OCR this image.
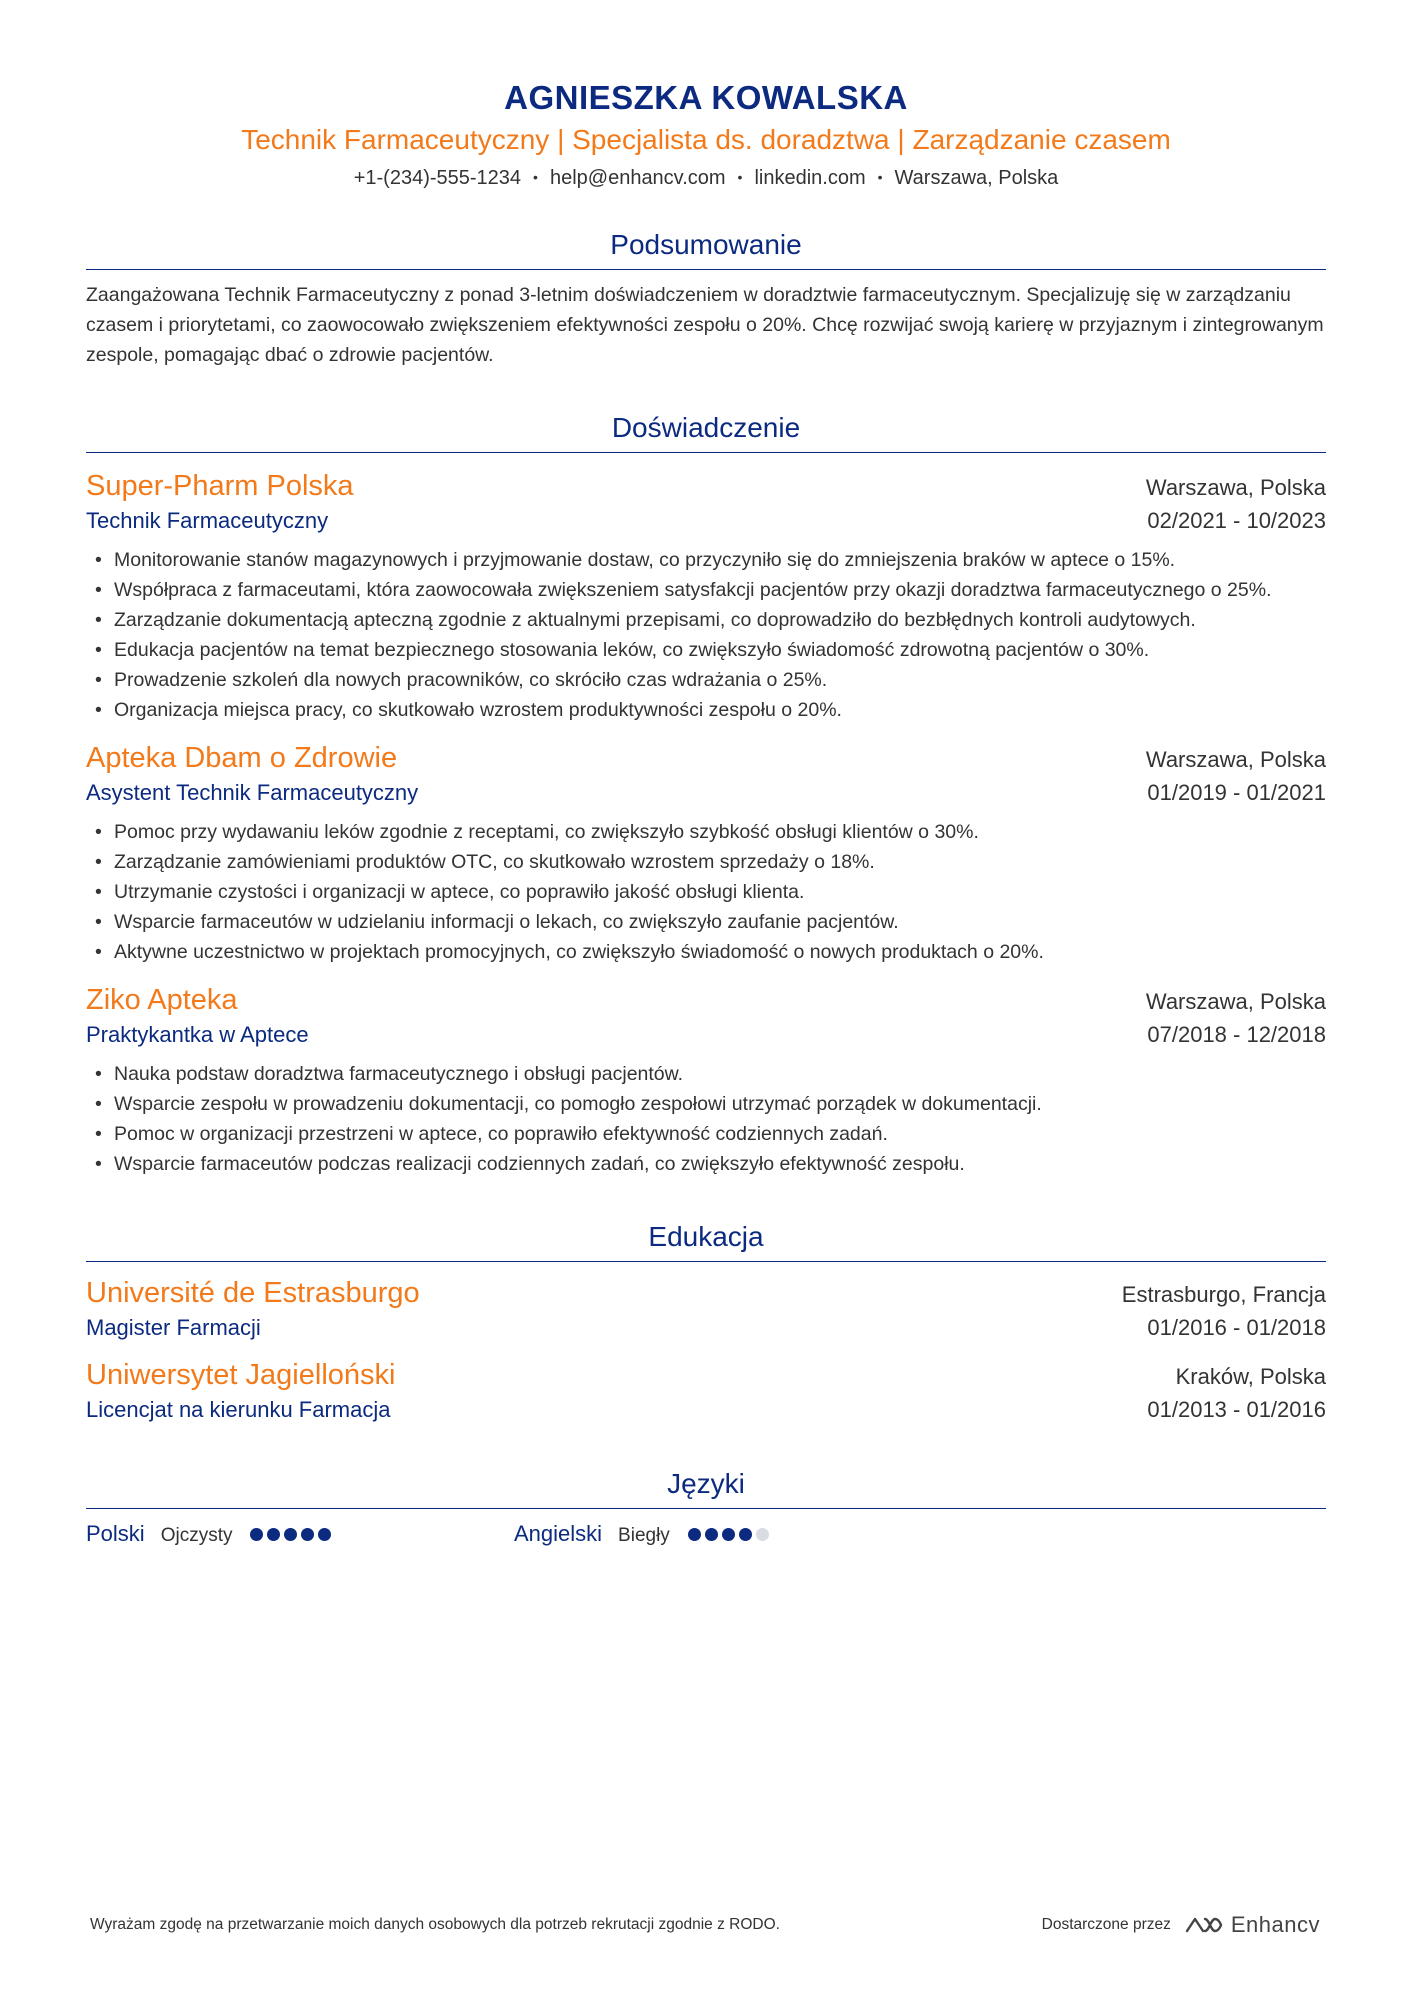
AGNIESZKA KOWALSKA
Technik Farmaceutyczny | Specjalista ds. doradztwa | Zarządzanie czasem
+1-(234)-555-1234 • help@enhancv.com • linkedin.com • Warszawa, Polska
Podsumowanie

Zaangażowana Technik Farmaceutyczny z ponad 3-letnim doświadczeniem w doradztwie farmaceutycznym. Specjalizuję się w zarządzaniu czasem i priorytetami, co zaowocowało zwiększeniem efektywności zespołu o 20%. Chcę rozwijać swoją karierę w przyjaznym i zintegrowanym zespole, pomagając dbać o zdrowie pacjentów.

Doświadczenie
Super-Pharm Polska	Warszawa, Polska
Technik Farmaceutyczny	02/2021 - 10/2023
• Monitorowanie stanów magazynowych i przyjmowanie dostaw, co przyczyniło się do zmniejszenia braków w aptece o 15%.
• Współpraca z farmaceutami, która zaowocowała zwiększeniem satysfakcji pacjentów przy okazji doradztwa farmaceutycznego o 25%.
• Zarządzanie dokumentacją apteczną zgodnie z aktualnymi przepisami, co doprowadziło do bezbłędnych kontroli audytowych.
• Edukacja pacjentów na temat bezpiecznego stosowania leków, co zwiększyło świadomość zdrowotną pacjentów o 30%.
• Prowadzenie szkoleń dla nowych pracowników, co skróciło czas wdrażania o 25%.
• Organizacja miejsca pracy, co skutkowało wzrostem produktywności zespołu o 20%.
Apteka Dbam o Zdrowie	Warszawa, Polska
Asystent Technik Farmaceutyczny	01/2019 - 01/2021
• Pomoc przy wydawaniu leków zgodnie z receptami, co zwiększyło szybkość obsługi klientów o 30%.
• Zarządzanie zamówieniami produktów OTC, co skutkowało wzrostem sprzedaży o 18%.
• Utrzymanie czystości i organizacji w aptece, co poprawiło jakość obsługi klienta.
• Wsparcie farmaceutów w udzielaniu informacji o lekach, co zwiększyło zaufanie pacjentów.
• Aktywne uczestnictwo w projektach promocyjnych, co zwiększyło świadomość o nowych produktach o 20%.
Ziko Apteka	Warszawa, Polska
Praktykantka w Aptece	07/2018 - 12/2018
• Nauka podstaw doradztwa farmaceutycznego i obsługi pacjentów.
• Wsparcie zespołu w prowadzeniu dokumentacji, co pomogło zespołowi utrzymać porządek w dokumentacji.
• Pomoc w organizacji przestrzeni w aptece, co poprawiło efektywność codziennych zadań.
• Wsparcie farmaceutów podczas realizacji codziennych zadań, co zwiększyło efektywność zespołu.
Edukacja
Université de Estrasburgo	Estrasburgo, Francja
Magister Farmacji	01/2016 - 01/2018
Uniwersytet Jagielloński	Kraków, Polska
Licencjat na kierunku Farmacja	01/2013 - 01/2016
Języki
Polski Ojczysty	Angielski Biegły
Wyrażam zgodę na przetwarzanie moich danych osobowych dla potrzeb rekrutacji zgodnie z RODO.	Dostarczone przez	Enhancv
